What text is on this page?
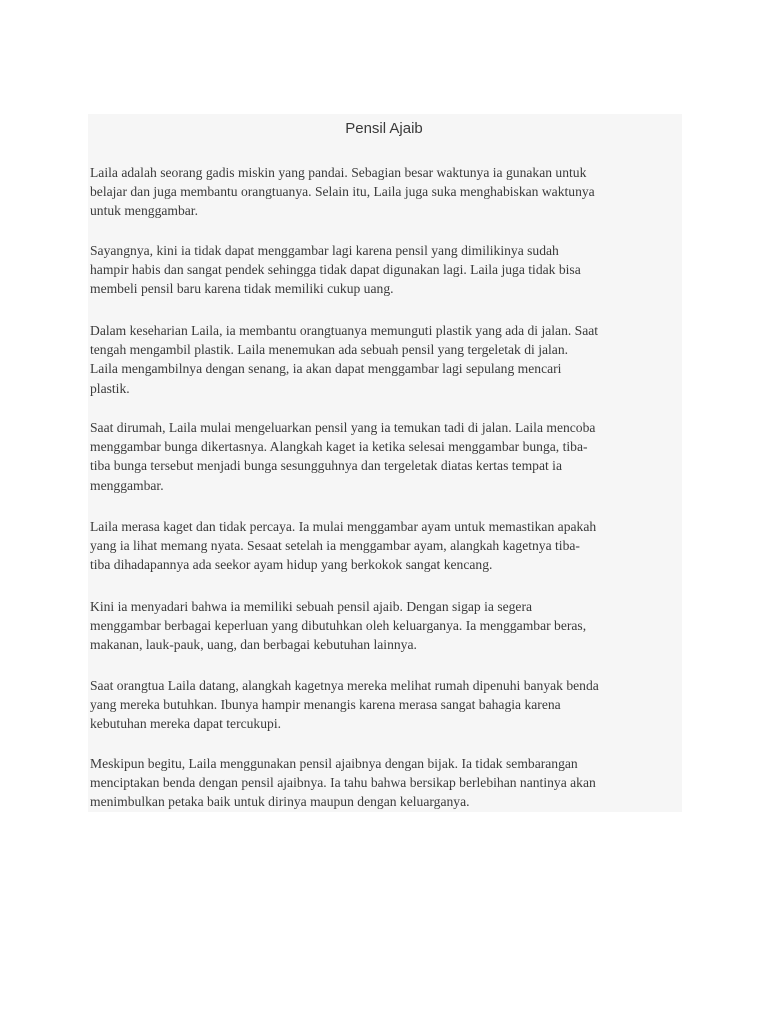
Pensil Ajaib
Laila adalah seorang gadis miskin yang pandai. Sebagian besar waktunya ia gunakan untuk
belajar dan juga membantu orangtuanya. Selain itu, Laila juga suka menghabiskan waktunya
untuk menggambar.
Sayangnya, kini ia tidak dapat menggambar lagi karena pensil yang dimilikinya sudah
hampir habis dan sangat pendek sehingga tidak dapat digunakan lagi. Laila juga tidak bisa
membeli pensil baru karena tidak memiliki cukup uang.
Dalam keseharian Laila, ia membantu orangtuanya memunguti plastik yang ada di jalan. Saat
tengah mengambil plastik. Laila menemukan ada sebuah pensil yang tergeletak di jalan.
Laila mengambilnya dengan senang, ia akan dapat menggambar lagi sepulang mencari
plastik.
Saat dirumah, Laila mulai mengeluarkan pensil yang ia temukan tadi di jalan. Laila mencoba
menggambar bunga dikertasnya. Alangkah kaget ia ketika selesai menggambar bunga, tiba-
tiba bunga tersebut menjadi bunga sesungguhnya dan tergeletak diatas kertas tempat ia
menggambar.
Laila merasa kaget dan tidak percaya. Ia mulai menggambar ayam untuk memastikan apakah
yang ia lihat memang nyata. Sesaat setelah ia menggambar ayam, alangkah kagetnya tiba-
tiba dihadapannya ada seekor ayam hidup yang berkokok sangat kencang.
Kini ia menyadari bahwa ia memiliki sebuah pensil ajaib. Dengan sigap ia segera
menggambar berbagai keperluan yang dibutuhkan oleh keluarganya. Ia menggambar beras,
makanan, lauk-pauk, uang, dan berbagai kebutuhan lainnya.
Saat orangtua Laila datang, alangkah kagetnya mereka melihat rumah dipenuhi banyak benda
yang mereka butuhkan. Ibunya hampir menangis karena merasa sangat bahagia karena
kebutuhan mereka dapat tercukupi.
Meskipun begitu, Laila menggunakan pensil ajaibnya dengan bijak. Ia tidak sembarangan
menciptakan benda dengan pensil ajaibnya. Ia tahu bahwa bersikap berlebihan nantinya akan
menimbulkan petaka baik untuk dirinya maupun dengan keluarganya.
